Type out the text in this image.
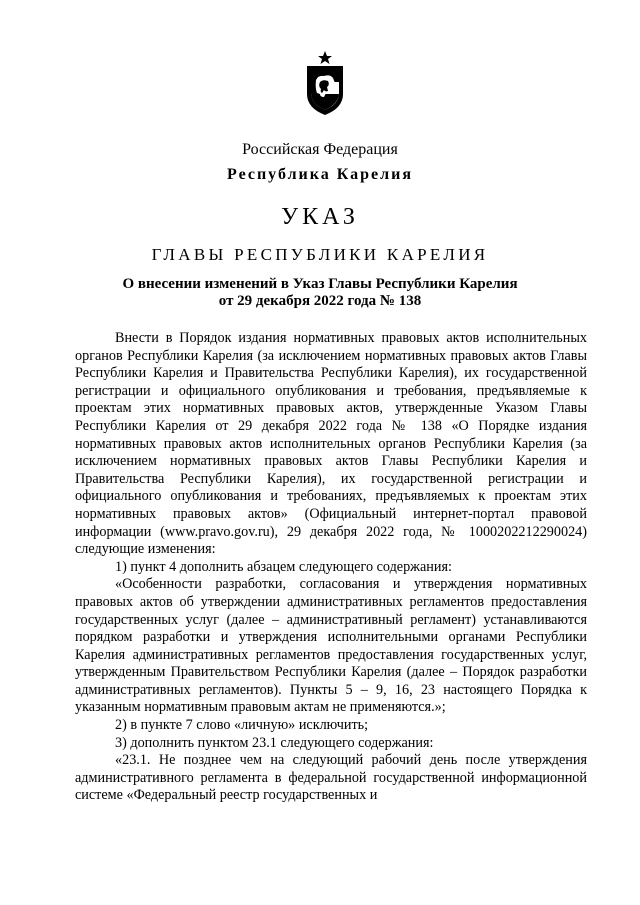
Российская Федерация
Республика Карелия
УКАЗ
ГЛАВЫ РЕСПУБЛИКИ КАРЕЛИЯ
О внесении изменений в Указ Главы Республики Карелия
от 29 декабря 2022 года № 138

Внести в Порядок издания нормативных правовых актов исполнительных органов Республики Карелия (за исключением нормативных правовых актов Главы Республики Карелия и Правительства Республики Карелия), их государственной регистрации и официального опубликования и требования, предъявляемые к проектам этих нормативных правовых актов, утвержденные Указом Главы Республики Карелия от 29 декабря 2022 года № 138 «О Порядке издания нормативных правовых актов исполнительных органов Республики Карелия (за исключением нормативных правовых актов Главы Республики Карелия и Правительства Республики Карелия), их государственной регистрации и официального опубликования и требованиях, предъявляемых к проектам этих нормативных правовых актов» (Официальный интернет-портал правовой информации (www.pravo.gov.ru), 29 декабря 2022 года, № 1000202212290024) следующие изменения:

1) пункт 4 дополнить абзацем следующего содержания:

«Особенности разработки, согласования и утверждения нормативных правовых актов об утверждении административных регламентов предоставления государственных услуг (далее – административный регламент) устанавливаются порядком разработки и утверждения исполнительными органами Республики Карелия административных регламентов предоставления государственных услуг, утвержденным Правительством Республики Карелия (далее – Порядок разработки административных регламентов). Пункты 5 – 9, 16, 23 настоящего Порядка к указанным нормативным правовым актам не применяются.»;

2) в пункте 7 слово «личную» исключить;

3) дополнить пунктом 23.1 следующего содержания:

«23.1. Не позднее чем на следующий рабочий день после утверждения административного регламента в федеральной государственной информационной системе «Федеральный реестр государственных и
